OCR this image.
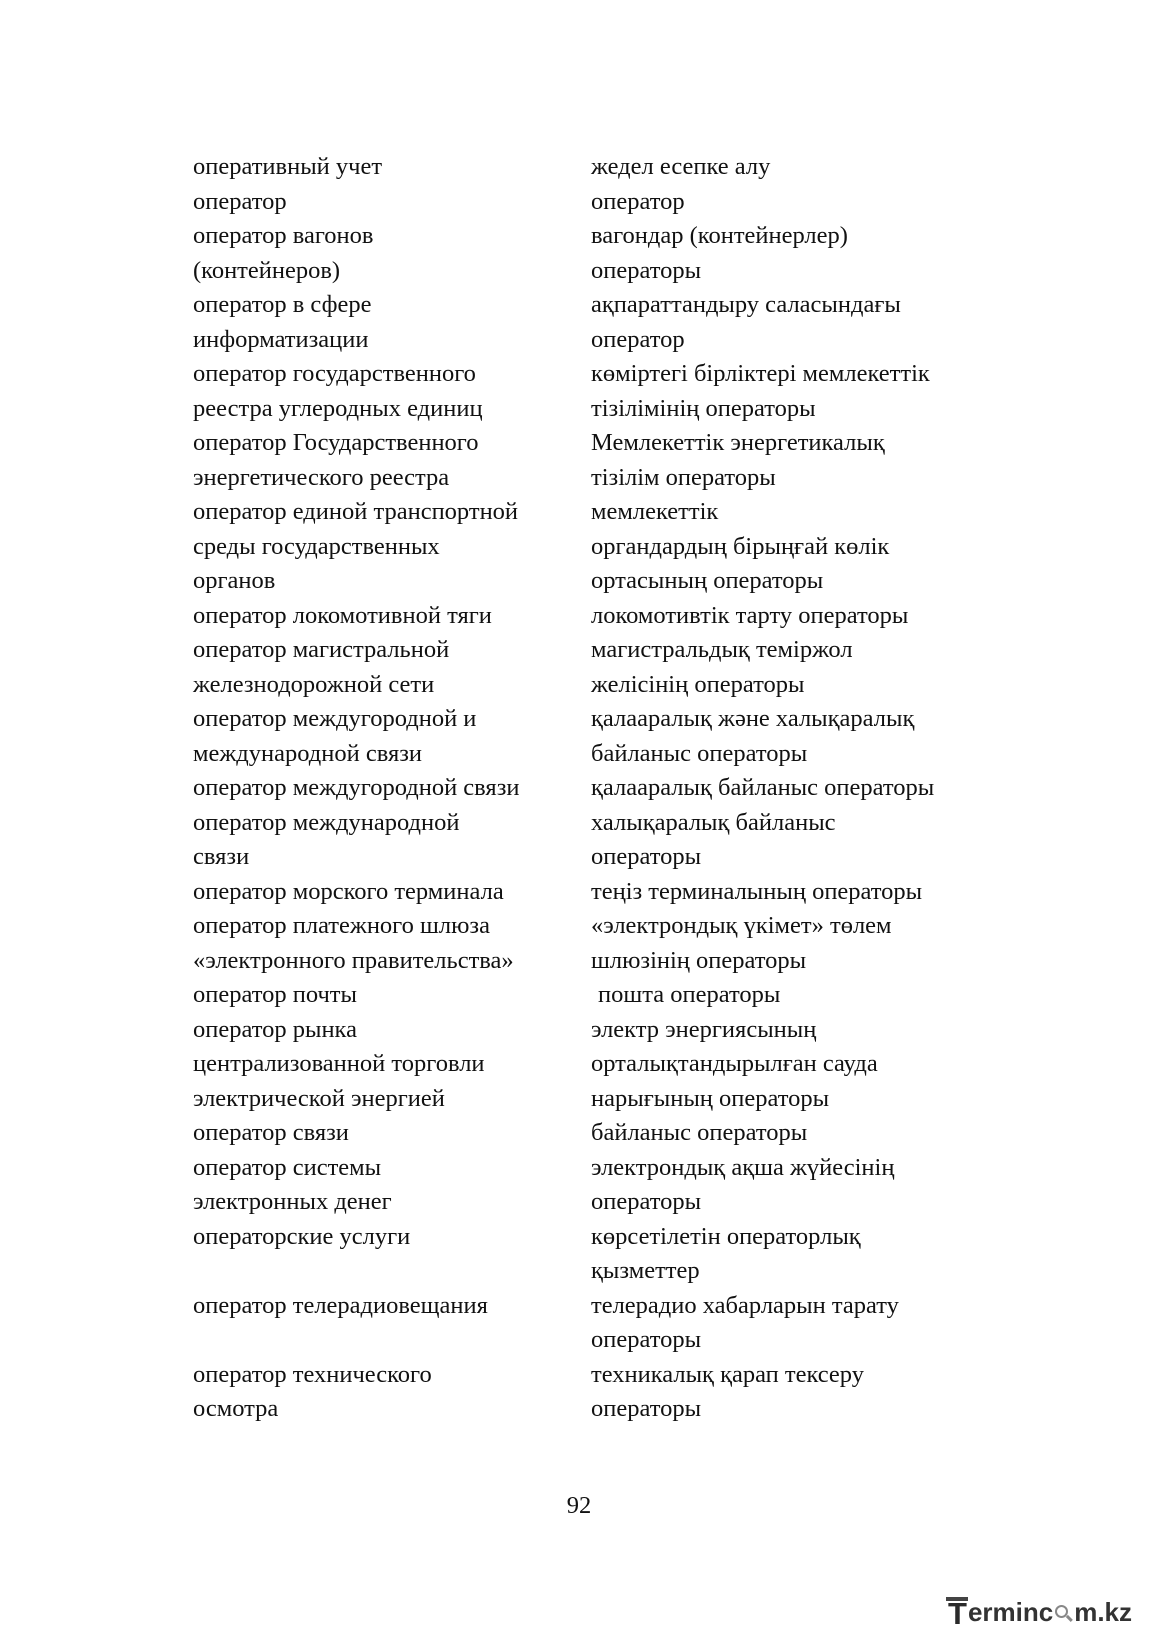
оперативный учет
оператор
оператор вагонов
(контейнеров)
оператор в сфере
информатизации
оператор государственного
реестра углеродных единиц
оператор Государственного
энергетического реестра
оператор единой транспортной
среды государственных
органов
оператор локомотивной тяги
оператор магистральной
железнодорожной сети
оператор междугородной и
международной связи
оператор междугородной связи
оператор международной
связи
оператор морского терминала
оператор платежного шлюза
«электронного правительства»
оператор почты
оператор рынка
централизованной торговли
электрической энергией
оператор связи
оператор системы
электронных денег
операторские услуги
оператор телерадиовещания
оператор технического
осмотра
жедел есепке алу
оператор
вагондар (контейнерлер)
операторы
ақпараттандыру саласындағы
оператор
көміртегі бірліктері мемлекеттік
тізілімінің операторы
Мемлекеттік энергетикалық
тізілім операторы
мемлекеттік
органдардың бірыңғай көлік
ортасының операторы
локомотивтік тарту операторы
магистральдық теміржол
желісінің операторы
қалааралық және халықаралық
байланыс операторы
қалааралық байланыс операторы
халықаралық байланыс
операторы
теңіз терминалының операторы
«электрондық үкімет» төлем
шлюзінің операторы
пошта операторы
электр энергиясының
орталықтандырылған сауда
нарығының операторы
байланыс операторы
электрондық ақша жүйесінің
операторы
көрсетілетін операторлық
қызметтер
телерадио хабарларын тарату
операторы
техникалық қарап тексеру
операторы
92
T erminc m.kz
